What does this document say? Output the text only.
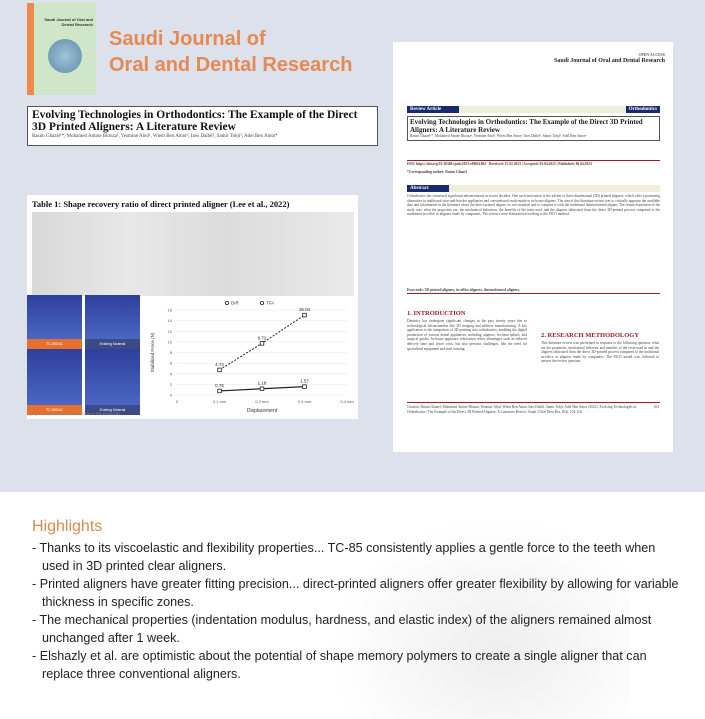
Saudi Journal of Oral and Dental Research
Saudi Journal of
Oral and Dental Research
Evolving Technologies in Orthodontics: The Example of the Direct 3D Printed Aligners: A Literature Review
Rasim Ghazel¹*, Mohamed Amine Blouza¹, Yesmine Abid¹, Wiem Ben Amor², Ines Dallel³, Samir Tobji³, Adel Ben Amor⁴
Table 1: Shape recovery ratio of direct printed aligner (Lee et al., 2022)
TC-85DAC	Existing Material
TC-85DAC	Existing Material
0
2
4
6
8
10
12
14
16
0	0.1 mm	0.2 mm	0.3 mm	0.4 mm
Displacement
Stabilized Force (N)
0.76	1.18	1.57
DIR
4.72
9.72
15.04
TFA
Fig 4. Comparison of Stabilized Force of TFA versus DIR
OPEN ACCESS
Saudi Journal of Oral and Dental Research
Review Article	Orthodontics
Evolving Technologies in Orthodontics: The Example of the Direct 3D Printed Aligners: A Literature Review
Rasim Ghazel¹*, Mohamed Amine Blouza¹, Yesmine Abid¹, Wiem Ben Amor², Ines Dallel³, Samir Tobji³, Adel Ben Amor⁴
DOI: https://doi.org/10.36348/sjodr.2023.v08i04.002 Received: 27.02.2023 | Accepted: 03.04.2023 | Published: 06.04.2023
*Corresponding author: Rasim Ghazel
Abstract
Orthodontics has witnessed significant advancements in recent decades. One such innovation is the advent of three dimensional (3D) printed aligners, which offer a promising alternative to traditional wire-and-bracket appliances and conventional ready-made or in-house aligners. The aim of this literature review was to critically appraise the available data and information in the literature about the direct printed aligner, its raw material and to compare it with the traditional thermoformed aligner. The research question of the study was: what the properties are, the mechanical behaviour, the benefits of the resin used, and the aligners fabricated from the direct 3D-printed process compared to the traditional in-office or aligners made by companies. The reviews were elaborated according to the PICO method.
Keywords: 3D printed aligners, in-office aligners, thermoformed aligners.
1. INTRODUCTION
Dentistry has undergone significant changes in the past twenty years due to technological advancements like 3D imaging and additive manufacturing. A key application is the integration of 3D printing into orthodontics, enabling the digital production of various dental appliances, including aligners, occlusal splints, and surgical guides. In-house appliance fabrication offers advantages such as reduced delivery time and lower costs, but also presents challenges, like the need for specialized equipment and staff training.
2. RESEARCH METHODOLOGY
This literature review was performed in response to the following question: what are the properties, mechanical behavior and benefits of the resin used in and the aligners fabricated from the direct 3D-printed process compared to the traditional in-office or aligners made by companies. The PICO model was followed to answer the review question.
Citation: Rasim Ghazel, Mohamed Amine Blouza, Yesmine Abid, Wiem Ben Amor, Ines Dallel, Samir Tobji, Adel Ben Amor (2023). Evolving Technologies in Orthodontics: The Example of the Direct 3D Printed Aligners: A Literature Review. Saudi J Oral Dent Res, 8(4): 104-116.
104
Highlights
- Thanks to its viscoelastic and flexibility properties... TC-85 consistently applies a gentle force to the teeth when used in 3D printed clear aligners.
- Printed aligners have greater fitting precision... direct-printed aligners offer greater flexibility by allowing for variable thickness in specific zones.
- The mechanical properties (indentation modulus, hardness, and elastic index) of the aligners remained almost unchanged after 1 week.
- Elshazly et al. are optimistic about the potential of shape memory polymers to create a single aligner that can replace three conventional aligners.
